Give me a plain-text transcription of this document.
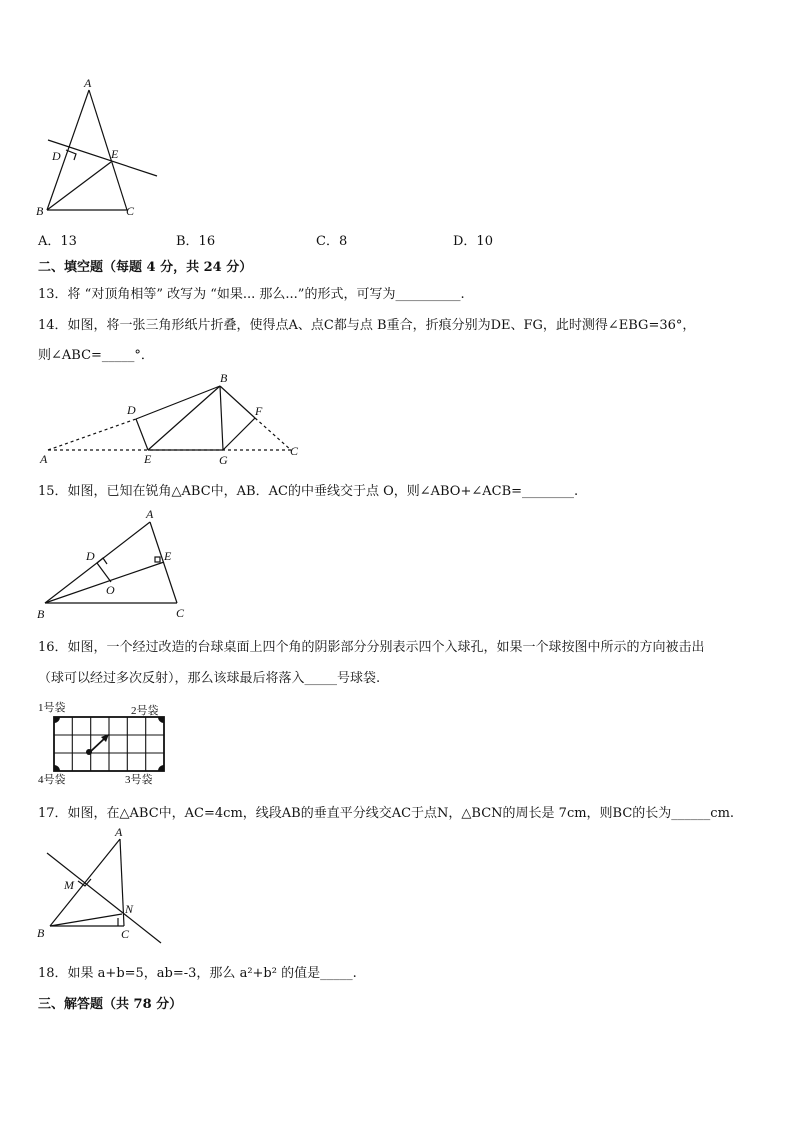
A
B	C
D	E
A．13	B．16	C．8	D．10
二、填空题（每题 4 分，共 24 分）
13．将 “对顶角相等” 改写为 “如果... 那么...”的形式，可写为__________.
14．如图，将一张三角形纸片折叠，使得点A、点C都与点 B重合，折痕分别为DE、FG，此时测得∠EBG=36°，
则∠ABC=_____°．
A
B
C
D
E
F
G
15．如图，已知在锐角△ABC中，AB．AC的中垂线交于点 O，则∠ABO+∠ACB=________.
A
B	C
D	E
O
16．如图，一个经过改造的台球桌面上四个角的阴影部分分别表示四个入球孔，如果一个球按图中所示的方向被击出
（球可以经过多次反射），那么该球最后将落入_____号球袋.
1号袋	2号袋
3号袋
4号袋
17．如图，在△ABC中，AC=4cm，线段AB的垂直平分线交AC于点N，△BCN的周长是 7cm，则BC的长为______cm.
A
B	C
M
N
18．如果 a+b=5，ab=-3，那么 a²+b² 的值是_____.
三、解答题（共 78 分）
